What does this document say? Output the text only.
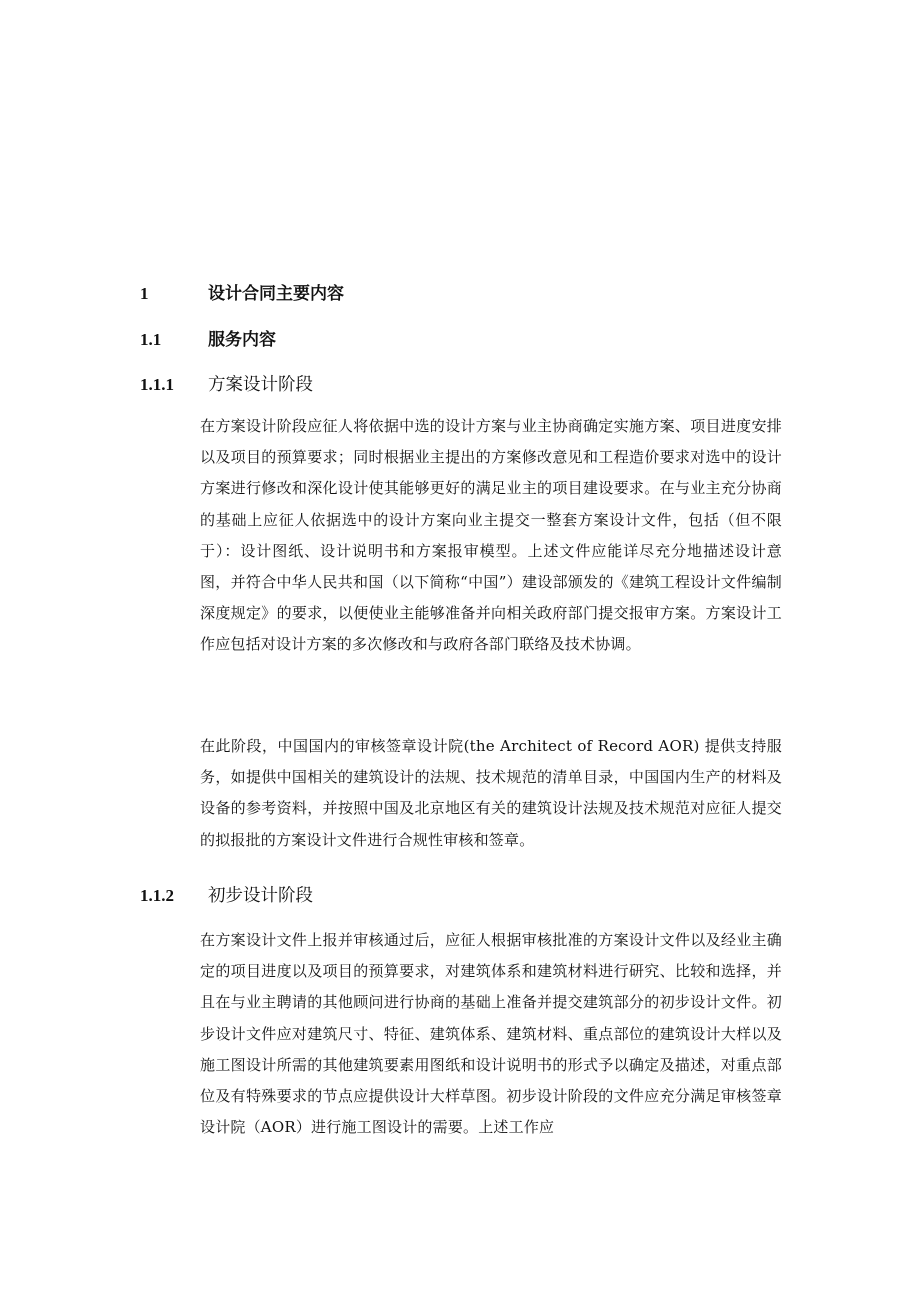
1	设计合同主要内容
1.1	服务内容
1.1.1	方案设计阶段

在方案设计阶段应征人将依据中选的设计方案与业主协商确定实施方案、项目进度安排以及项目的预算要求；同时根据业主提出的方案修改意见和工程造价要求对选中的设计方案进行修改和深化设计使其能够更好的满足业主的项目建设要求。在与业主充分协商的基础上应征人依据选中的设计方案向业主提交一整套方案设计文件，包括（但不限于）：设计图纸、设计说明书和方案报审模型。上述文件应能详尽充分地描述设计意图，并符合中华人民共和国（以下简称“中国”）建设部颁发的《建筑工程设计文件编制深度规定》的要求，以便使业主能够准备并向相关政府部门提交报审方案。方案设计工作应包括对设计方案的多次修改和与政府各部门联络及技术协调。

在此阶段，中国国内的审核签章设计院(the Architect of Record AOR) 提供支持服务，如提供中国相关的建筑设计的法规、技术规范的清单目录，中国国内生产的材料及设备的参考资料，并按照中国及北京地区有关的建筑设计法规及技术规范对应征人提交的拟报批的方案设计文件进行合规性审核和签章。

1.1.2	初步设计阶段

在方案设计文件上报并审核通过后，应征人根据审核批准的方案设计文件以及经业主确定的项目进度以及项目的预算要求，对建筑体系和建筑材料进行研究、比较和选择，并且在与业主聘请的其他顾问进行协商的基础上准备并提交建筑部分的初步设计文件。初步设计文件应对建筑尺寸、特征、建筑体系、建筑材料、重点部位的建筑设计大样以及施工图设计所需的其他建筑要素用图纸和设计说明书的形式予以确定及描述，对重点部位及有特殊要求的节点应提供设计大样草图。初步设计阶段的文件应充分满足审核签章设计院（AOR）进行施工图设计的需要。上述工作应
